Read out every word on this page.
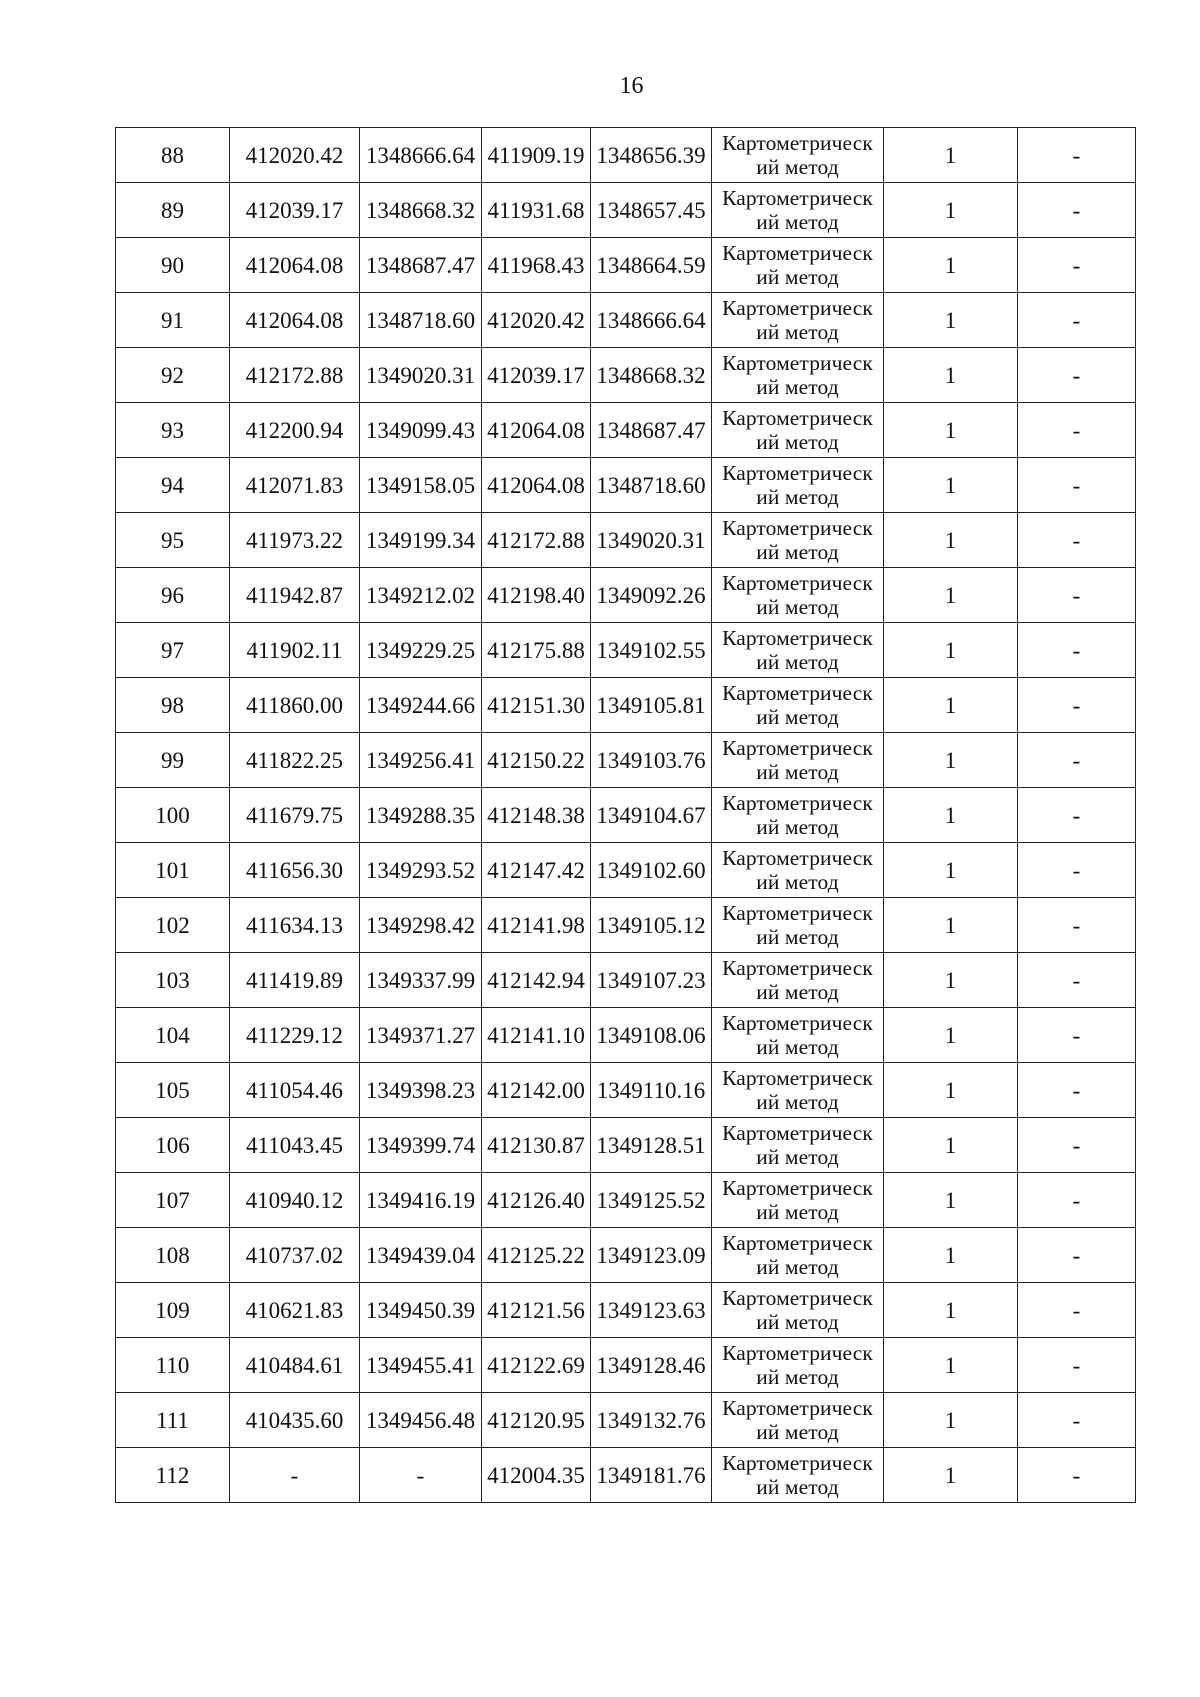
16
88	412020.42	1348666.64	411909.19	1348656.39	Картометрическ
ий метод	1	-
89	412039.17	1348668.32	411931.68	1348657.45	Картометрическ
ий метод	1	-
90	412064.08	1348687.47	411968.43	1348664.59	Картометрическ
ий метод	1	-
91	412064.08	1348718.60	412020.42	1348666.64	Картометрическ
ий метод	1	-
92	412172.88	1349020.31	412039.17	1348668.32	Картометрическ
ий метод	1	-
93	412200.94	1349099.43	412064.08	1348687.47	Картометрическ
ий метод	1	-
94	412071.83	1349158.05	412064.08	1348718.60	Картометрическ
ий метод	1	-
95	411973.22	1349199.34	412172.88	1349020.31	Картометрическ
ий метод	1	-
96	411942.87	1349212.02	412198.40	1349092.26	Картометрическ
ий метод	1	-
97	411902.11	1349229.25	412175.88	1349102.55	Картометрическ
ий метод	1	-
98	411860.00	1349244.66	412151.30	1349105.81	Картометрическ
ий метод	1	-
99	411822.25	1349256.41	412150.22	1349103.76	Картометрическ
ий метод	1	-
100	411679.75	1349288.35	412148.38	1349104.67	Картометрическ
ий метод	1	-
101	411656.30	1349293.52	412147.42	1349102.60	Картометрическ
ий метод	1	-
102	411634.13	1349298.42	412141.98	1349105.12	Картометрическ
ий метод	1	-
103	411419.89	1349337.99	412142.94	1349107.23	Картометрическ
ий метод	1	-
104	411229.12	1349371.27	412141.10	1349108.06	Картометрическ
ий метод	1	-
105	411054.46	1349398.23	412142.00	1349110.16	Картометрическ
ий метод	1	-
106	411043.45	1349399.74	412130.87	1349128.51	Картометрическ
ий метод	1	-
107	410940.12	1349416.19	412126.40	1349125.52	Картометрическ
ий метод	1	-
108	410737.02	1349439.04	412125.22	1349123.09	Картометрическ
ий метод	1	-
109	410621.83	1349450.39	412121.56	1349123.63	Картометрическ
ий метод	1	-
110	410484.61	1349455.41	412122.69	1349128.46	Картометрическ
ий метод	1	-
111	410435.60	1349456.48	412120.95	1349132.76	Картометрическ
ий метод	1	-
112	-	-	412004.35	1349181.76	Картометрическ
ий метод	1	-
